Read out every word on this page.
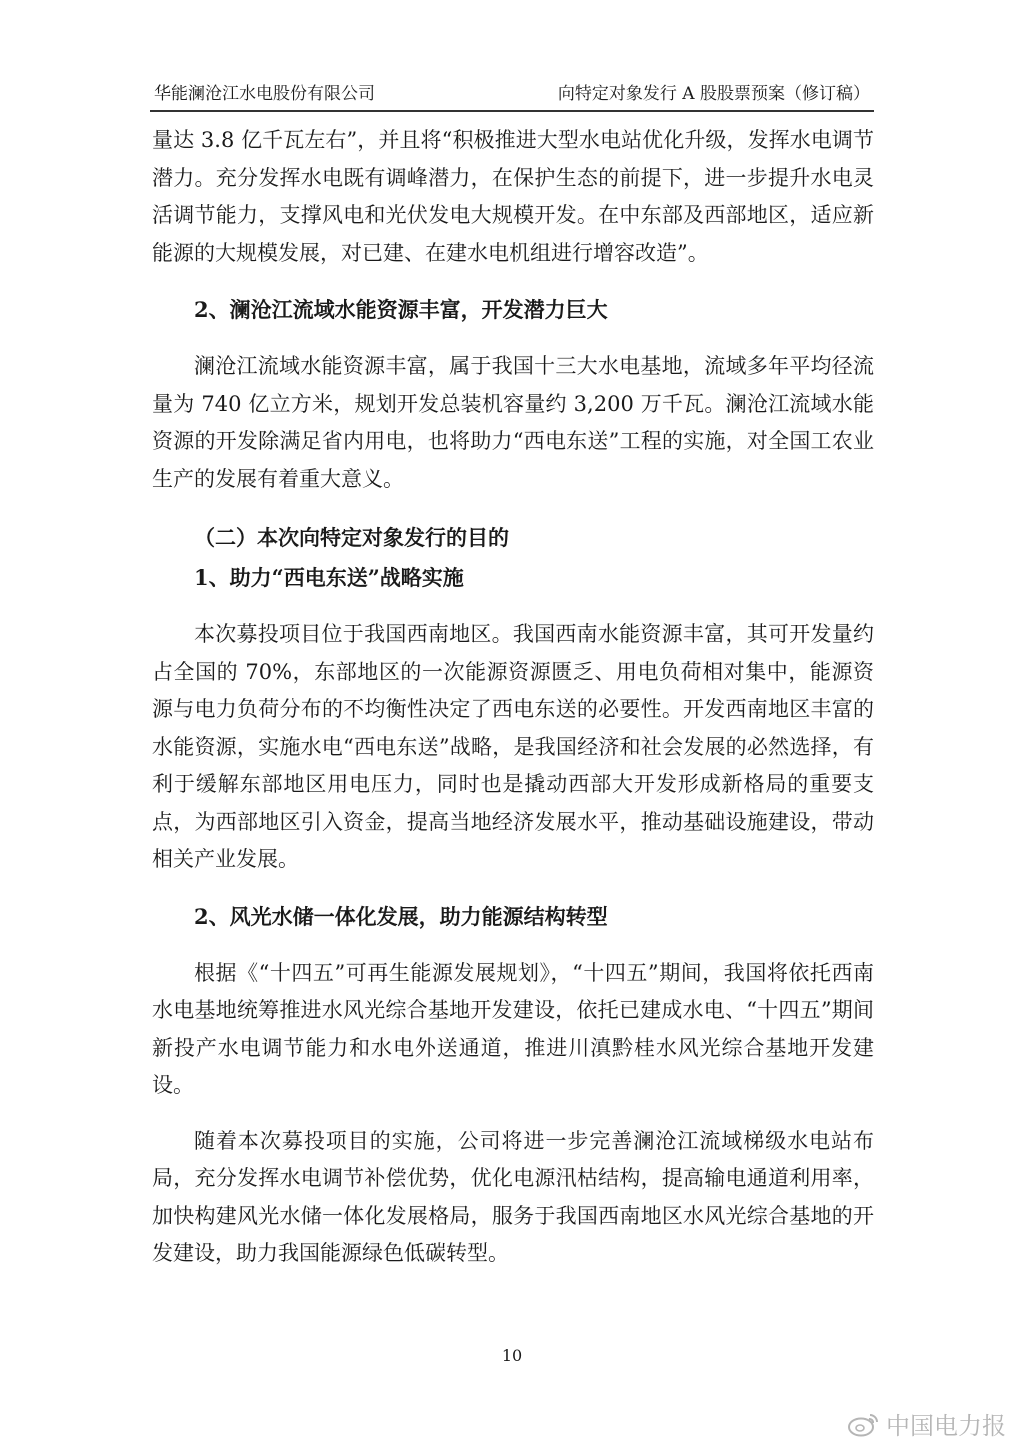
华能澜沧江水电股份有限公司	向特定对象发行 A 股股票预案（修订稿）

量达 3.8 亿千瓦左右”，并且将“积极推进大型水电站优化升级，发挥水电调节潜力。充分发挥水电既有调峰潜力，在保护生态的前提下，进一步提升水电灵活调节能力，支撑风电和光伏发电大规模开发。在中东部及西部地区，适应新能源的大规模发展，对已建、在建水电机组进行增容改造”。

2、澜沧江流域水能资源丰富，开发潜力巨大

澜沧江流域水能资源丰富，属于我国十三大水电基地，流域多年平均径流量为 740 亿立方米，规划开发总装机容量约 3,200 万千瓦。澜沧江流域水能资源的开发除满足省内用电，也将助力“西电东送”工程的实施，对全国工农业生产的发展有着重大意义。

（二）本次向特定对象发行的目的
1、助力“西电东送”战略实施

本次募投项目位于我国西南地区。我国西南水能资源丰富，其可开发量约占全国的 70%，东部地区的一次能源资源匮乏、用电负荷相对集中，能源资源与电力负荷分布的不均衡性决定了西电东送的必要性。开发西南地区丰富的水能资源，实施水电“西电东送”战略，是我国经济和社会发展的必然选择，有利于缓解东部地区用电压力，同时也是撬动西部大开发形成新格局的重要支点，为西部地区引入资金，提高当地经济发展水平，推动基础设施建设，带动相关产业发展。

2、风光水储一体化发展，助力能源结构转型

根据《“十四五”可再生能源发展规划》，“十四五”期间，我国将依托西南水电基地统筹推进水风光综合基地开发建设，依托已建成水电、“十四五”期间新投产水电调节能力和水电外送通道，推进川滇黔桂水风光综合基地开发建设。

随着本次募投项目的实施，公司将进一步完善澜沧江流域梯级水电站布局，充分发挥水电调节补偿优势，优化电源汛枯结构，提高输电通道利用率，加快构建风光水储一体化发展格局，服务于我国西南地区水风光综合基地的开发建设，助力我国能源绿色低碳转型。

10
中国电力报
